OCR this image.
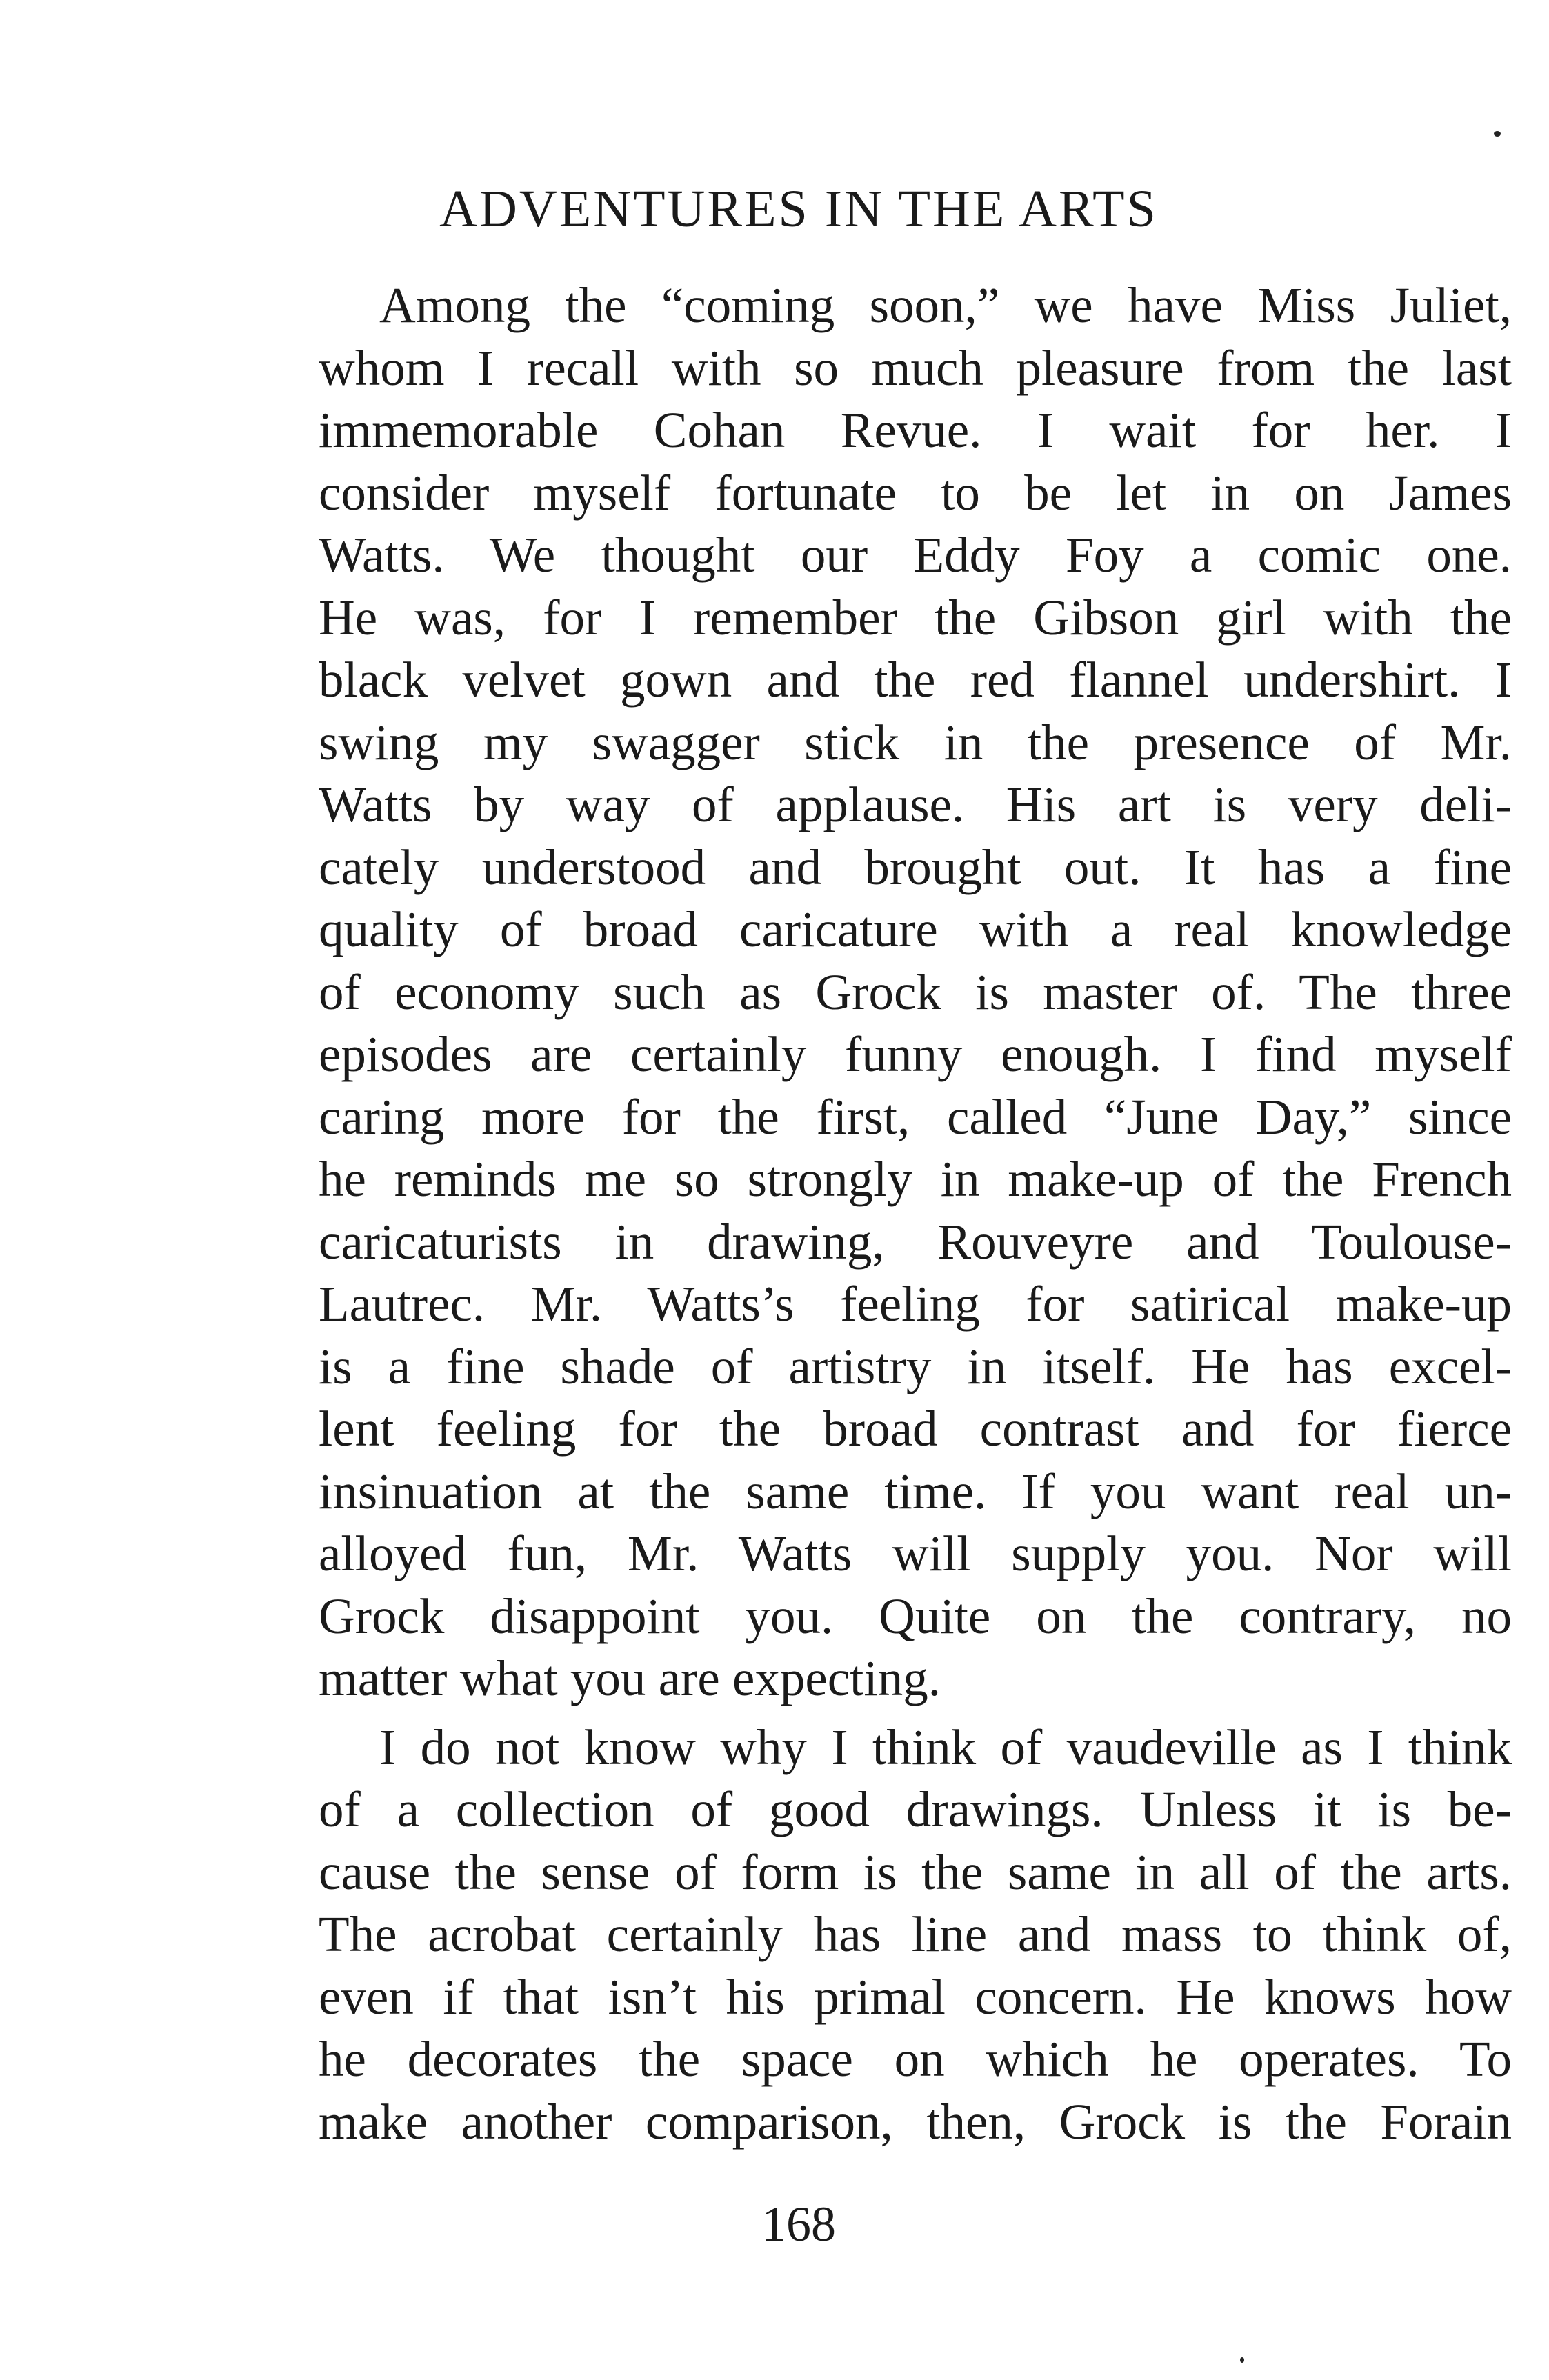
ADVENTURES IN THE ARTS
Among the “coming soon,” we have Miss Juliet,
whom I recall with so much pleasure from the last
immemorable Cohan Revue. I wait for her. I
consider myself fortunate to be let in on James
Watts. We thought our Eddy Foy a comic one.
He was, for I remember the Gibson girl with the
black velvet gown and the red flannel undershirt. I
swing my swagger stick in the presence of Mr.
Watts by way of applause. His art is very deli-
cately understood and brought out. It has a fine
quality of broad caricature with a real knowledge
of economy such as Grock is master of. The three
episodes are certainly funny enough. I find myself
caring more for the first, called “June Day,” since
he reminds me so strongly in make-up of the French
caricaturists in drawing, Rouveyre and Toulouse-
Lautrec. Mr. Watts’s feeling for satirical make-up
is a fine shade of artistry in itself. He has excel-
lent feeling for the broad contrast and for fierce
insinuation at the same time. If you want real un-
alloyed fun, Mr. Watts will supply you. Nor will
Grock disappoint you. Quite on the contrary, no
matter what you are expecting.
I do not know why I think of vaudeville as I think
of a collection of good drawings. Unless it is be-
cause the sense of form is the same in all of the arts.
The acrobat certainly has line and mass to think of,
even if that isn’t his primal concern. He knows how
he decorates the space on which he operates. To
make another comparison, then, Grock is the Forain
168
